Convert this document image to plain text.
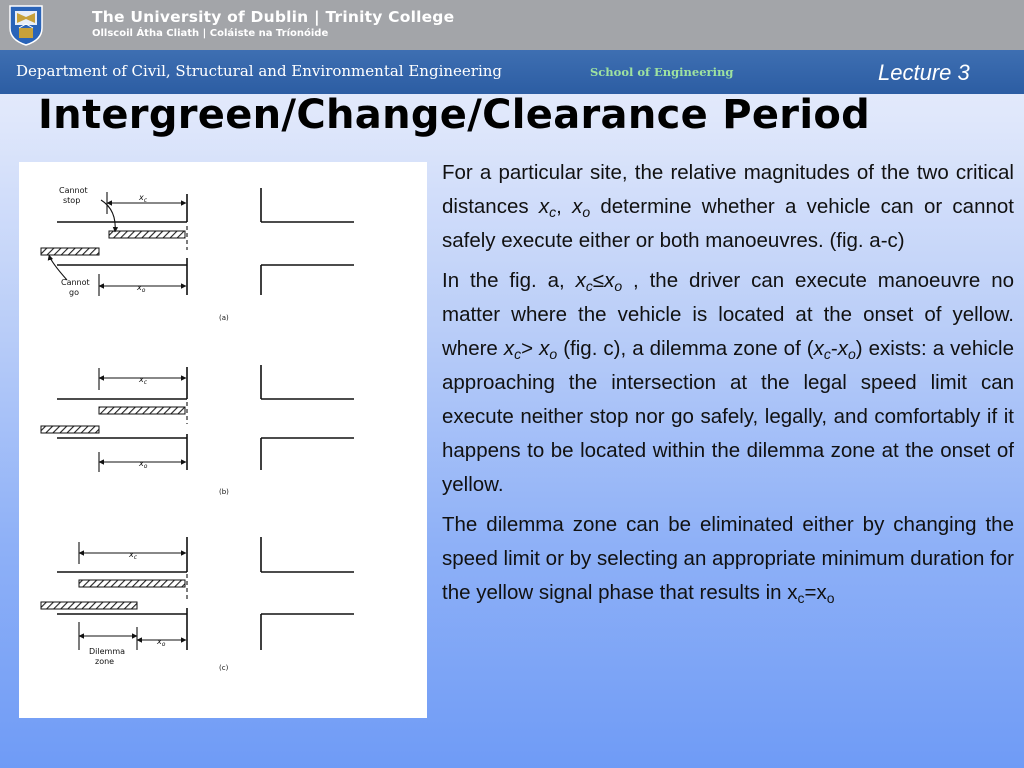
The University of Dublin | Trinity College
Ollscoil Átha Cliath | Coláiste na Tríonóide
Department of Civil, Structural and Environmental Engineering	School of Engineering	Lecture 3
Intergreen/Change/Clearance Period
Cannot
stop	$x_c$
Cannot
go
$x_o$
(a)
$x_c$
$x_o$
(b)
$x_c$
$x_o$
Dilemma
zone
(c)

For a particular site, the relative magnitudes of the two critical distances $x_c$, $x_o$ determine whether a vehicle can or cannot safely execute either or both manoeuvres. (fig. a-c)

In the fig. a, $x_c\le x_o$ , the driver can execute manoeuvre no matter where the vehicle is located at the onset of yellow. where $x_c> x_o$ (fig. c), a dilemma zone of $(x_c-x_o)$ exists: a vehicle approaching the intersection at the legal speed limit can execute neither stop nor go safely, legally, and comfortably if it happens to be located within the dilemma zone at the onset of yellow.

The dilemma zone can be eliminated either by changing the speed limit or by selecting an appropriate minimum duration for the yellow signal phase that results in $x_c=x_o$
